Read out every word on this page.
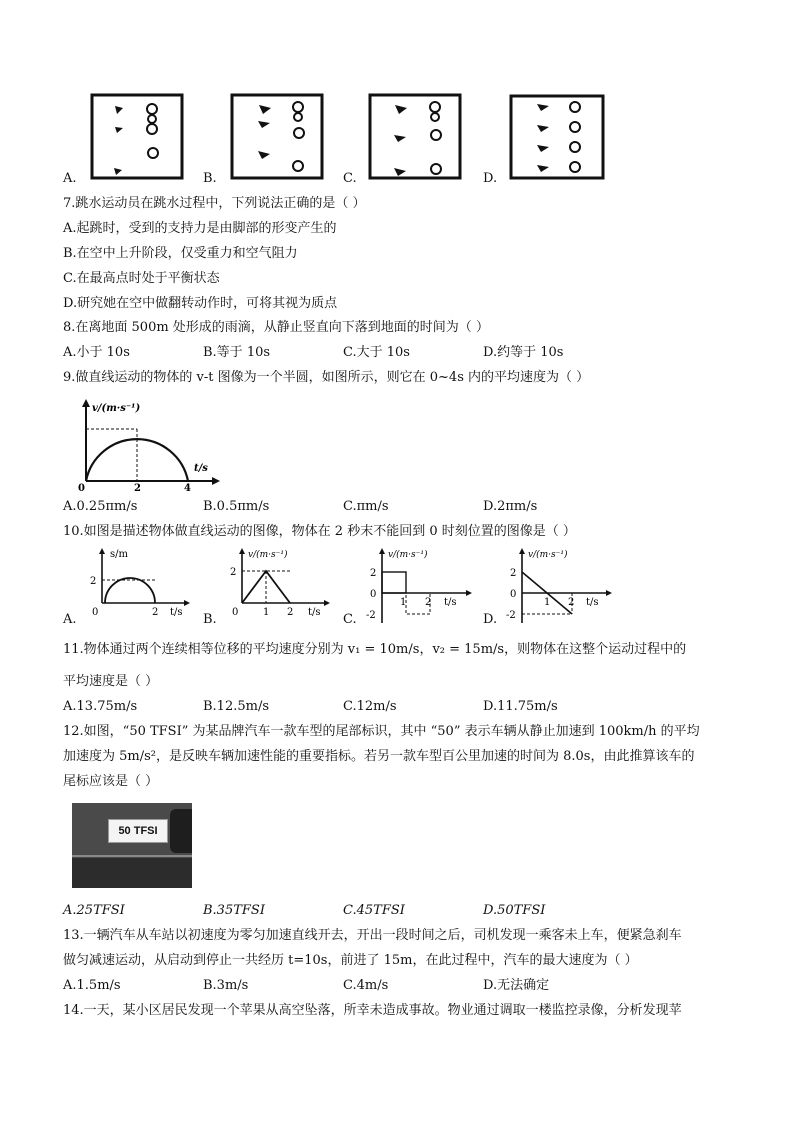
A.	B.	C.	D.
7.跳水运动员在跳水过程中，下列说法正确的是（ ）
A.起跳时，受到的支持力是由脚部的形变产生的
B.在空中上升阶段，仅受重力和空气阻力
C.在最高点时处于平衡状态
D.研究她在空中做翻转动作时，可将其视为质点
8.在离地面 500m 处形成的雨滴，从静止竖直向下落到地面的时间为（ ）
A.小于 10s	B.等于 10s	C.大于 10s	D.约等于 10s
9.做直线运动的物体的 v-t 图像为一个半圆，如图所示，则它在 0~4s 内的平均速度为（ ）
v/(m·s⁻¹)
t/s
0	2	4
A.0.25πm/s	B.0.5πm/s	C.πm/s	D.2πm/s
10.如图是描述物体做直线运动的图像，物体在 2 秒末不能回到 0 时刻位置的图像是（ ）
s/m
2
0	2 t/s
A.
v/(m·s⁻¹)
2
0 1 2 t/s
B.
v/(m·s⁻¹)
2
0
-2
1 2 t/s
C.
v/(m·s⁻¹)
2
0
-2
1 2 t/s
D.
11.物体通过两个连续相等位移的平均速度分别为 v₁ = 10m/s，v₂ = 15m/s，则物体在这整个运动过程中的
平均速度是（ ）
A.13.75m/s	B.12.5m/s	C.12m/s	D.11.75m/s
12.如图，“50 TFSI” 为某品牌汽车一款车型的尾部标识，其中 “50” 表示车辆从静止加速到 100km/h 的平均
加速度为 5m/s²，是反映车辆加速性能的重要指标。若另一款车型百公里加速的时间为 8.0s，由此推算该车的
尾标应该是（ ）
50 TFSI
A.25TFSI	B.35TFSI	C.45TFSI	D.50TFSI
13.一辆汽车从车站以初速度为零匀加速直线开去，开出一段时间之后，司机发现一乘客未上车，便紧急刹车
做匀减速运动，从启动到停止一共经历 t=10s，前进了 15m，在此过程中，汽车的最大速度为（ ）
A.1.5m/s	B.3m/s	C.4m/s	D.无法确定
14.一天，某小区居民发现一个苹果从高空坠落，所幸未造成事故。物业通过调取一楼监控录像，分析发现苹
